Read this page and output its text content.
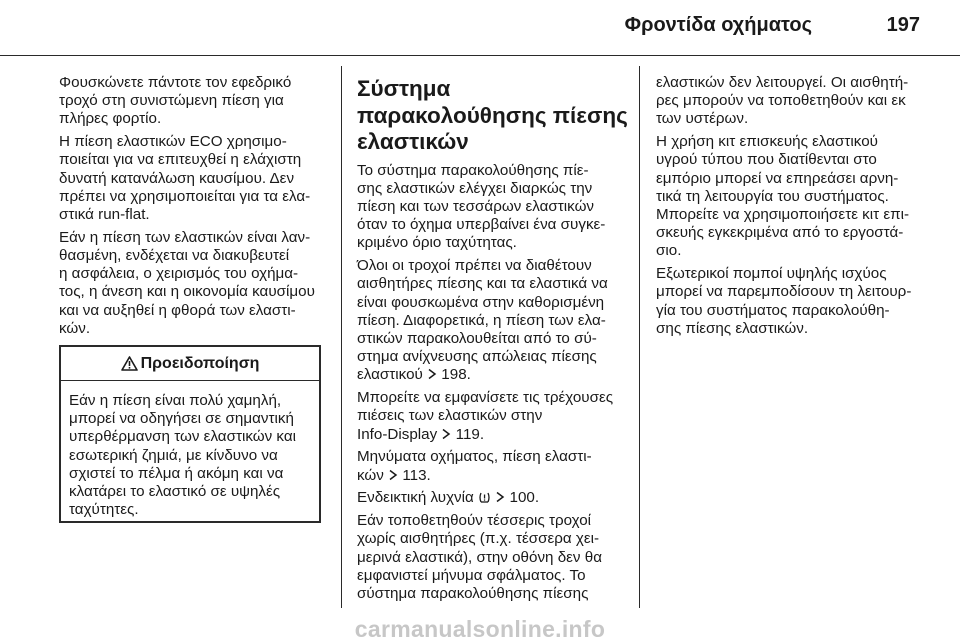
Φροντίδα οχήματος	197

Φουσκώνετε πάντοτε τον εφεδρικό
τροχό στη συνιστώμενη πίεση για
πλήρες φορτίο.

Η πίεση ελαστικών ECO χρησιμο-
ποιείται για να επιτευχθεί η ελάχιστη
δυνατή κατανάλωση καυσίμου. Δεν
πρέπει να χρησιμοποιείται για τα ελα-
στικά run-flat.

Εάν η πίεση των ελαστικών είναι λαν-
θασμένη, ενδέχεται να διακυβευτεί
η ασφάλεια, ο χειρισμός του οχήμα-
τος, η άνεση και η οικονομία καυσίμου
και να αυξηθεί η φθορά των ελαστι-
κών.

Προειδοποίηση
Εάν η πίεση είναι πολύ χαμηλή,
μπορεί να οδηγήσει σε σημαντική
υπερθέρμανση των ελαστικών και
εσωτερική ζημιά, με κίνδυνο να
σχιστεί το πέλμα ή ακόμη και να
κλατάρει το ελαστικό σε υψηλές
ταχύτητες.
Σύστημα
παρακολούθησης πίεσης
ελαστικών

Το σύστημα παρακολούθησης πίε-
σης ελαστικών ελέγχει διαρκώς την
πίεση και των τεσσάρων ελαστικών
όταν το όχημα υπερβαίνει ένα συγκε-
κριμένο όριο ταχύτητας.

Όλοι οι τροχοί πρέπει να διαθέτουν
αισθητήρες πίεσης και τα ελαστικά να
είναι φουσκωμένα στην καθορισμένη
πίεση. Διαφορετικά, η πίεση των ελα-
στικών παρακολουθείται από το σύ-
στημα ανίχνευσης απώλειας πίεσης
ελαστικού 198.

Μπορείτε να εμφανίσετε τις τρέχουσες
πιέσεις των ελαστικών στην
Info-Display 119.

Μηνύματα οχήματος, πίεση ελαστι-
κών 113.

Ενδεικτική λυχνία 100.

Εάν τοποθετηθούν τέσσερις τροχοί
χωρίς αισθητήρες (π.χ. τέσσερα χει-
μερινά ελαστικά), στην οθόνη δεν θα
εμφανιστεί μήνυμα σφάλματος. Το
σύστημα παρακολούθησης πίεσης

ελαστικών δεν λειτουργεί. Οι αισθητή-
ρες μπορούν να τοποθετηθούν και εκ
των υστέρων.

Η χρήση κιτ επισκευής ελαστικού
υγρού τύπου που διατίθενται στο
εμπόριο μπορεί να επηρεάσει αρνη-
τικά τη λειτουργία του συστήματος.
Μπορείτε να χρησιμοποιήσετε κιτ επι-
σκευής εγκεκριμένα από το εργοστά-
σιο.

Εξωτερικοί πομποί υψηλής ισχύος
μπορεί να παρεμποδίσουν τη λειτουρ-
γία του συστήματος παρακολούθη-
σης πίεσης ελαστικών.

carmanualsonline.info
